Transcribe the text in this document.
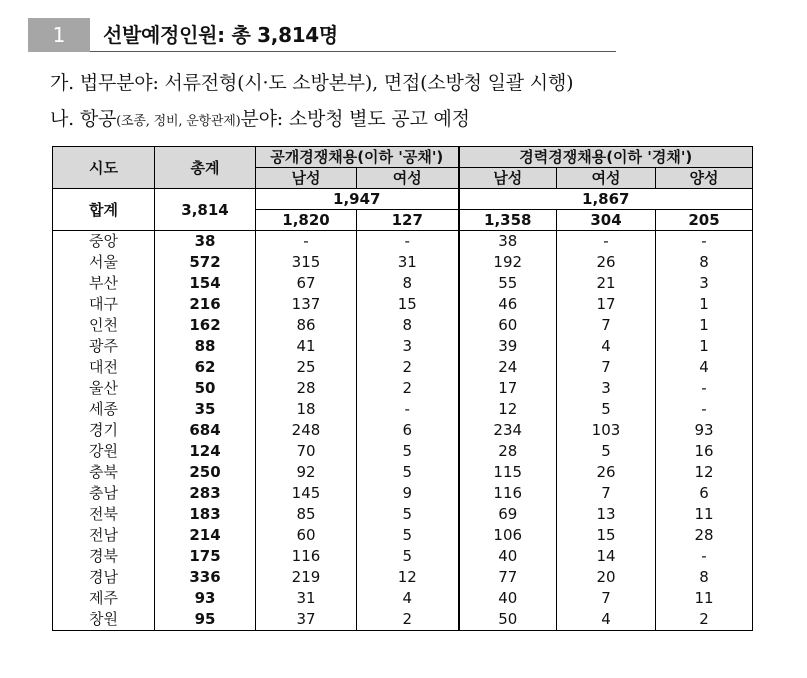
1	선발예정인원: 총 3,814명
가. 법무분야: 서류전형(시·도 소방본부), 면접(소방청 일괄 시행)
나. 항공(조종, 정비, 운항관제)분야: 소방청 별도 공고 예정
시도	총계	공개경쟁채용(이하 '공채')		경력경쟁채용(이하 '경채')		
		남성	여성	남성	여성	양성
합계	3,814	1,947		1,867		
		1,820	127	1,358	304	205
중앙	38	-	-	38	-	-
서울	572	315	31	192	26	8
부산	154	67	8	55	21	3
대구	216	137	15	46	17	1
인천	162	86	8	60	7	1
광주	88	41	3	39	4	1
대전	62	25	2	24	7	4
울산	50	28	2	17	3	-
세종	35	18	-	12	5	-
경기	684	248	6	234	103	93
강원	124	70	5	28	5	16
충북	250	92	5	115	26	12
충남	283	145	9	116	7	6
전북	183	85	5	69	13	11
전남	214	60	5	106	15	28
경북	175	116	5	40	14	-
경남	336	219	12	77	20	8
제주	93	31	4	40	7	11
창원	95	37	2	50	4	2
